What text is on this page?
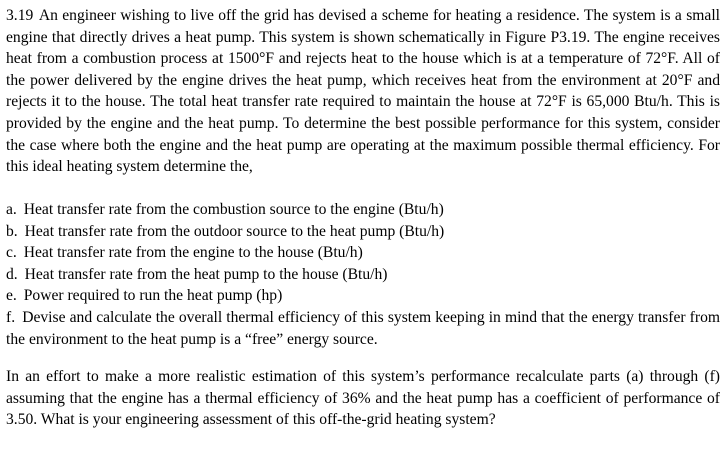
3.19 An engineer wishing to live off the grid has devised a scheme for heating a residence. The system is a small engine that directly drives a heat pump. This system is shown schematically in Figure P3.19. The engine receives heat from a combustion process at 1500°F and rejects heat to the house which is at a temperature of 72°F. All of the power delivered by the engine drives the heat pump, which receives heat from the environment at 20°F and rejects it to the house. The total heat transfer rate required to maintain the house at 72°F is 65,000 Btu/h. This is provided by the engine and the heat pump. To determine the best possible performance for this system, consider the case where both the engine and the heat pump are operating at the maximum possible thermal efficiency. For this ideal heating system determine the,

a. Heat transfer rate from the combustion source to the engine (Btu/h)
b. Heat transfer rate from the outdoor source to the heat pump (Btu/h)
c. Heat transfer rate from the engine to the house (Btu/h)
d. Heat transfer rate from the heat pump to the house (Btu/h)
e. Power required to run the heat pump (hp)
f. Devise and calculate the overall thermal efficiency of this system keeping in mind that the energy transfer from the environment to the heat pump is a “free” energy source.

In an effort to make a more realistic estimation of this system’s performance recalculate parts (a) through (f) assuming that the engine has a thermal efficiency of 36% and the heat pump has a coefficient of performance of 3.50. What is your engineering assessment of this off-the-grid heating system?
